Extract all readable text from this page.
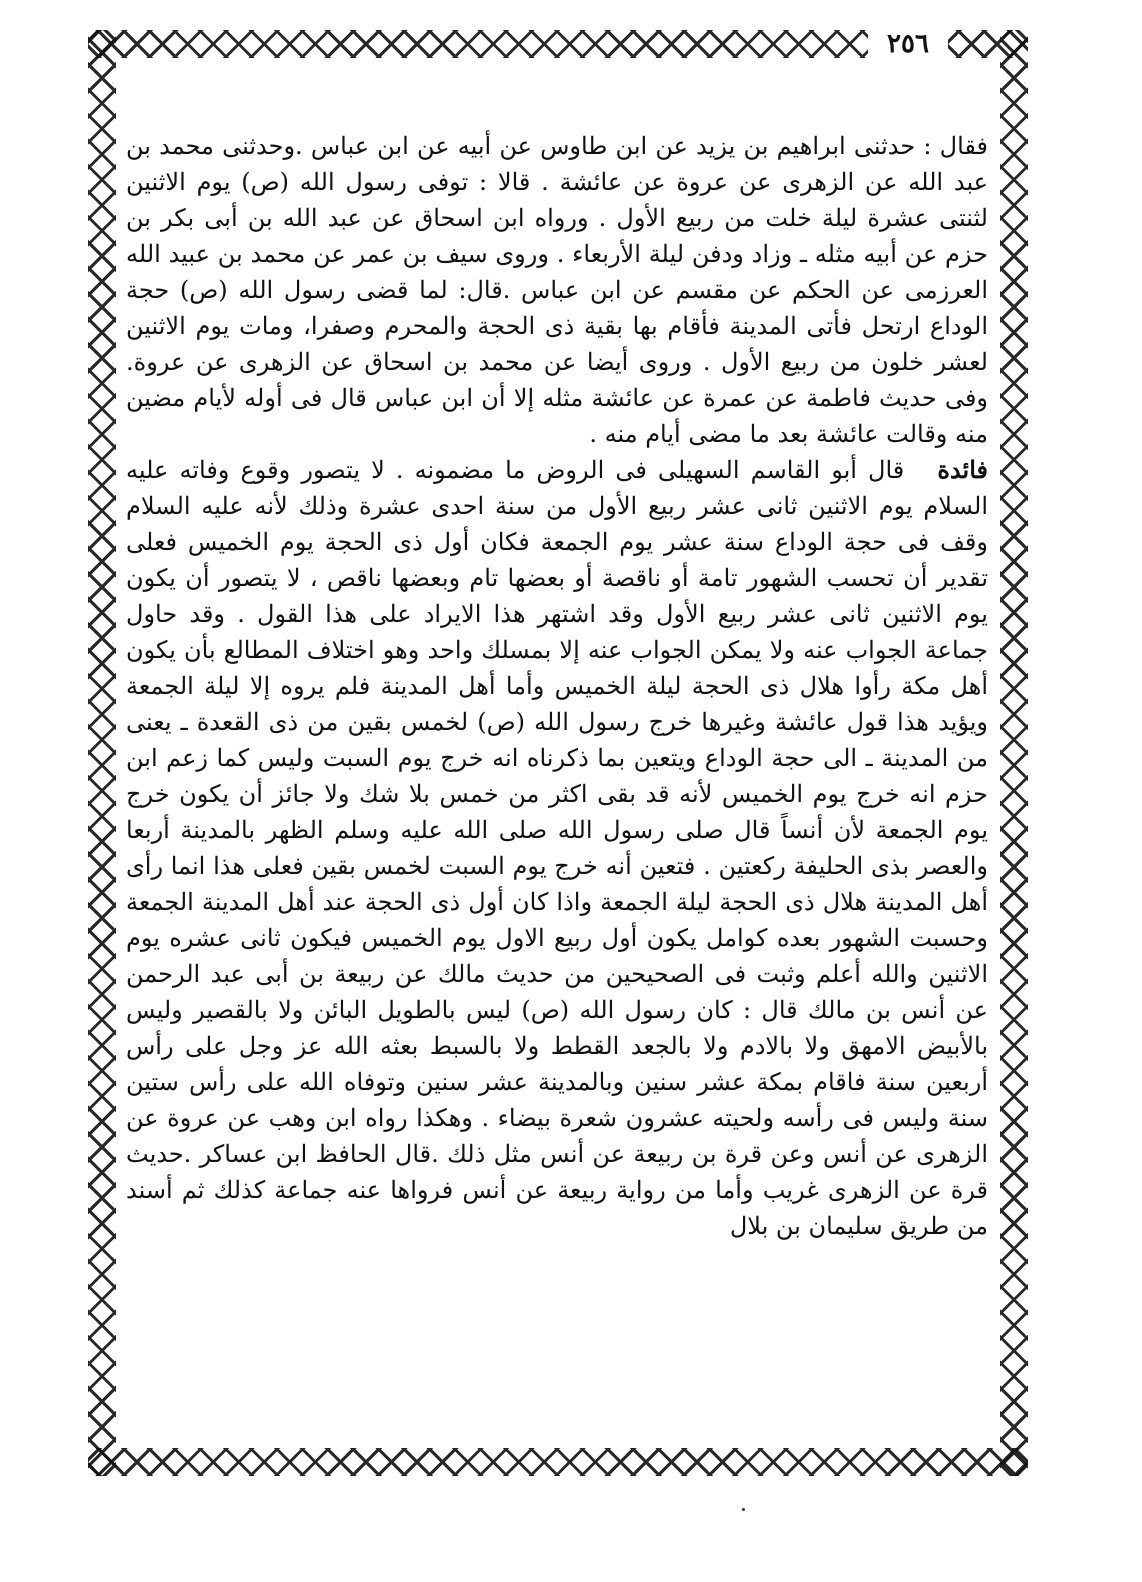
٢٥٦

فقال : حدثنى ابراهيم بن يزيد عن ابن طاوس عن أبيه عن ابن عباس .وحدثنى محمد بن عبد الله عن الزهرى عن عروة عن عائشة . قالا : توفى رسول الله (ص) يوم الاثنين لثنتى عشرة ليلة خلت من ربيع الأول . ورواه ابن اسحاق عن عبد الله بن أبى بكر بن حزم عن أبيه مثله ـ وزاد ودفن ليلة الأربعاء . وروى سيف بن عمر عن محمد بن عبيد الله العرزمى عن الحكم عن مقسم عن ابن عباس .قال: لما قضى رسول الله (ص) حجة الوداع ارتحل فأتى المدينة فأقام بها بقية ذى الحجة والمحرم وصفرا، ومات يوم الاثنين لعشر خلون من ربيع الأول . وروى أيضا عن محمد بن اسحاق عن الزهرى عن عروة. وفى حديث فاطمة عن عمرة عن عائشة مثله إلا أن ابن عباس قال فى أوله لأيام مضين منه وقالت عائشة بعد ما مضى أيام منه .

فائدة قال أبو القاسم السهيلى فى الروض ما مضمونه . لا يتصور وقوع وفاته عليه السلام يوم الاثنين ثانى عشر ربيع الأول من سنة احدى عشرة وذلك لأنه عليه السلام وقف فى حجة الوداع سنة عشر يوم الجمعة فكان أول ذى الحجة يوم الخميس فعلى تقدير أن تحسب الشهور تامة أو ناقصة أو بعضها تام وبعضها ناقص ، لا يتصور أن يكون يوم الاثنين ثانى عشر ربيع الأول وقد اشتهر هذا الايراد على هذا القول . وقد حاول جماعة الجواب عنه ولا يمكن الجواب عنه إلا بمسلك واحد وهو اختلاف المطالع بأن يكون أهل مكة رأوا هلال ذى الحجة ليلة الخميس وأما أهل المدينة فلم يروه إلا ليلة الجمعة ويؤيد هذا قول عائشة وغيرها خرج رسول الله (ص) لخمس بقين من ذى القعدة ـ يعنى من المدينة ـ الى حجة الوداع ويتعين بما ذكرناه انه خرج يوم السبت وليس كما زعم ابن حزم انه خرج يوم الخميس لأنه قد بقى اكثر من خمس بلا شك ولا جائز أن يكون خرج يوم الجمعة لأن أنساً قال صلى رسول الله صلى الله عليه وسلم الظهر بالمدينة أربعا والعصر بذى الحليفة ركعتين . فتعين أنه خرج يوم السبت لخمس بقين فعلى هذا انما رأى أهل المدينة هلال ذى الحجة ليلة الجمعة واذا كان أول ذى الحجة عند أهل المدينة الجمعة وحسبت الشهور بعده كوامل يكون أول ربيع الاول يوم الخميس فيكون ثانى عشره يوم الاثنين والله أعلم وثبت فى الصحيحين من حديث مالك عن ربيعة بن أبى عبد الرحمن عن أنس بن مالك قال : كان رسول الله (ص) ليس بالطويل البائن ولا بالقصير وليس بالأبيض الامهق ولا بالادم ولا بالجعد القطط ولا بالسبط بعثه الله عز وجل على رأس أربعين سنة فاقام بمكة عشر سنين وبالمدينة عشر سنين وتوفاه الله على رأس ستين سنة وليس فى رأسه ولحيته عشرون شعرة بيضاء . وهكذا رواه ابن وهب عن عروة عن الزهرى عن أنس وعن قرة بن ربيعة عن أنس مثل ذلك .قال الحافظ ابن عساكر .حديث قرة عن الزهرى غريب وأما من رواية ربيعة عن أنس فرواها عنه جماعة كذلك ثم أسند من طريق سليمان بن بلال
